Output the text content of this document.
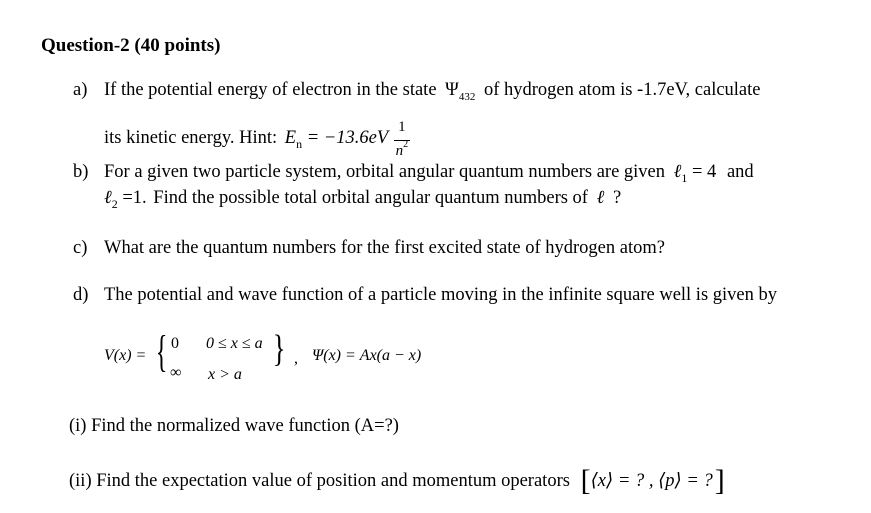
Question-2 (40 points)
a) If the potential energy of electron in the state $\Psi_{432}$ of hydrogen atom is -1.7eV, calculate
its kinetic energy. Hint: $E_n = -13.6eV \frac{1}{n^2}$
b) For a given two particle system, orbital angular quantum numbers are given ℓ$_1$ = 4 and
ℓ$_2$ =1. Find the possible total orbital angular quantum numbers of ℓ ?
c) What are the quantum numbers for the first excited state of hydrogen atom?
d) The potential and wave function of a particle moving in the infinite square well is given by
V(x) = { 0 0 ≤ x ≤ a
∞ x > a
} , Ψ(x) = Ax(a − x)
(i) Find the normalized wave function (A=?)
(ii) Find the expectation value of position and momentum operators [⟨x⟩ = ? , ⟨p⟩ = ?]
